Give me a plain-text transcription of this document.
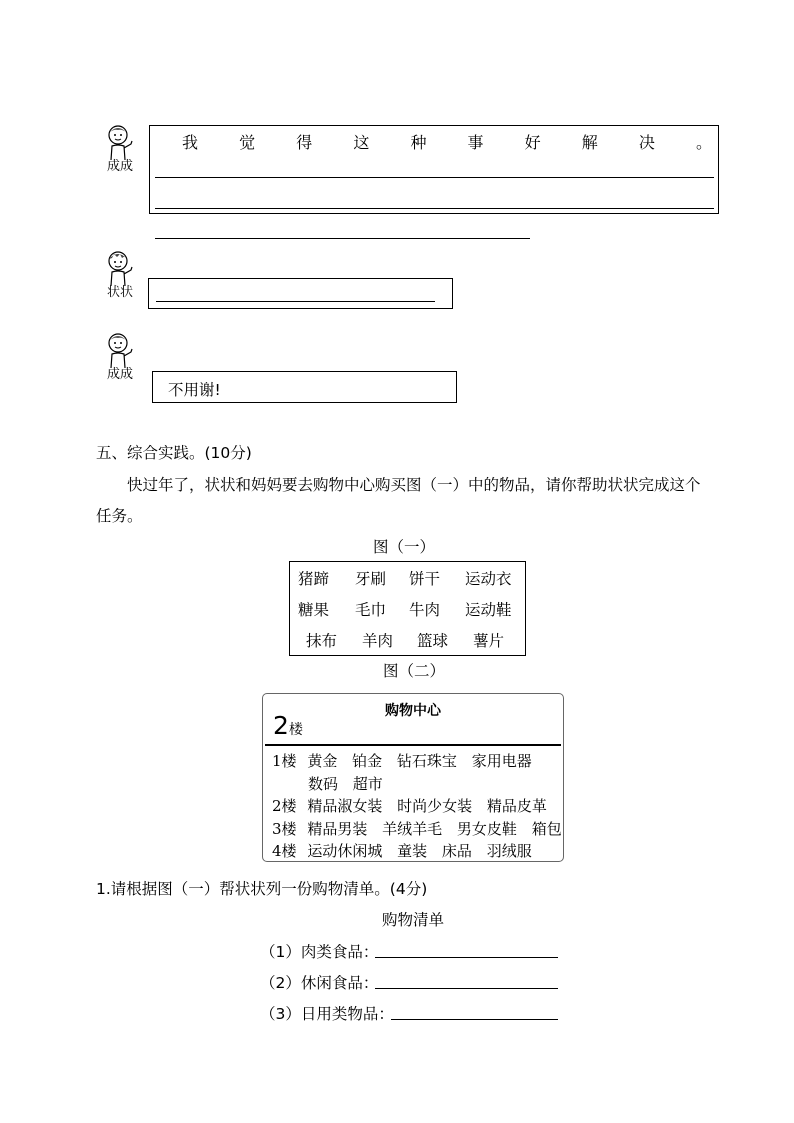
成成
我	觉	得	这	种	事	好	解	决	。
状状
成成
不用谢!
五、综合实践。(10分)
快过年了，状状和妈妈要去购物中心购买图（一）中的物品，请你帮助状状完成这个
任务。
图（一）
猪蹄	牙刷	饼干	运动衣
糖果	毛巾	牛肉	运动鞋
抹布	羊肉	篮球	薯片
图（二）
购物中心
2楼
1楼 黄金 铂金 钻石珠宝 家用电器
数码 超市
2楼 精品淑女装 时尚少女装 精品皮革
3楼 精品男装 羊绒羊毛 男女皮鞋 箱包
4楼 运动休闲城 童装 床品 羽绒服
1.请根据图（一）帮状状列一份购物清单。(4分)
购物清单
（1）肉类食品：
（2）休闲食品：
（3）日用类物品：
